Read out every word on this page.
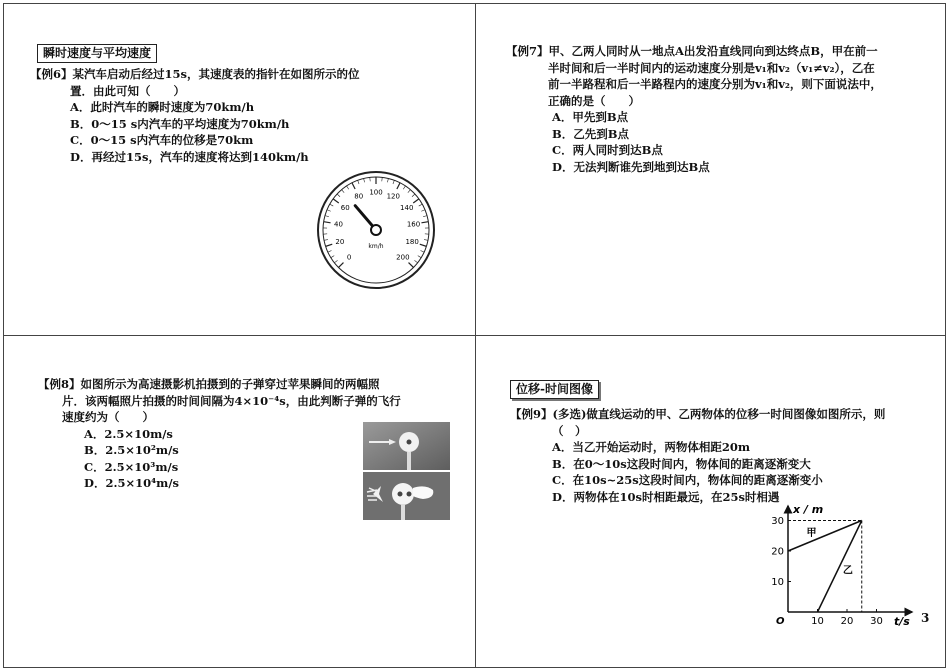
瞬时速度与平均速度
【例6】某汽车启动后经过15s，其速度表的指针在如图所示的位
置．由此可知（　　）
A．此时汽车的瞬时速度为70km/h
B．0～15 s内汽车的平均速度为70km/h
C．0～15 s内汽车的位移是70km
D．再经过15s，汽车的速度将达到140km/h
0
20
40
60
80
100
120
140
160
180
200
km/h
【例7】甲、乙两人同时从一地点A出发沿直线同向到达终点B，甲在前一
半时间和后一半时间内的运动速度分别是v₁和v₂（v₁≠v₂），乙在
前一半路程和后一半路程内的速度分别为v₁和v₂，则下面说法中，
正确的是（　　）
A．甲先到B点
B．乙先到B点
C．两人同时到达B点
D．无法判断谁先到地到达B点
【例8】如图所示为高速摄影机拍摄到的子弹穿过苹果瞬间的两幅照
片．该两幅照片拍摄的时间间隔为4×10⁻⁴s，由此判断子弹的飞行
速度约为（　　）
A．2.5×10m/s
B．2.5×10²m/s
C．2.5×10³m/s
D．2.5×10⁴m/s
位移-时间图像
【例9】(多选)做直线运动的甲、乙两物体的位移一时间图像如图所示，则
（　）
A．当乙开始运动时，两物体相距20m
B．在0～10s这段时间内，物体间的距离逐渐变大
C．在10s~25s这段时间内，物体间的距离逐渐变小
D．两物体在10s时相距最远，在25s时相遇
x / m
t/s
O	10 20 30
10
20
30
甲
乙
3
